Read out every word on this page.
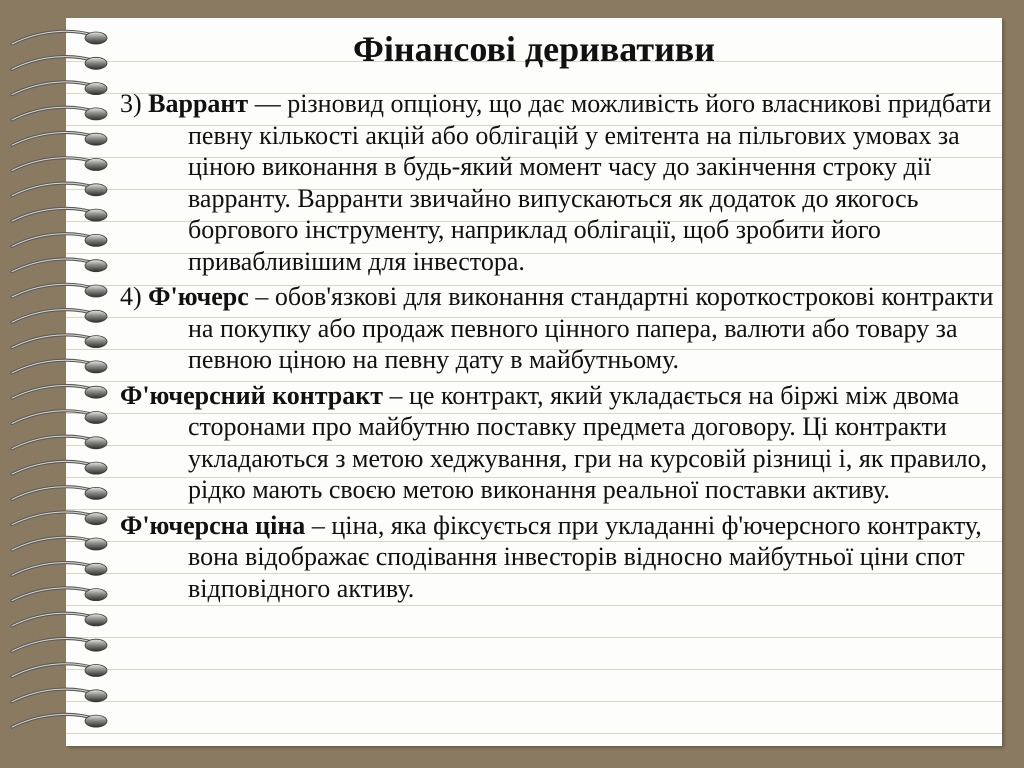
Фінансові деривативи

3) Варрант — різновид опціону, що дає можливість його власникові придбати певну кількості акцій або облігацій у емітента на пільгових умовах за ціною виконання в будь-який момент часу до закінчення строку дії варранту. Варранти звичайно випускаються як додаток до якогось боргового інструменту, наприклад облігації, щоб зробити його привабливішим для інвестора.

4) Ф'ючерс – обов'язкові для виконання стандартні короткострокові контракти на покупку або продаж певного цінного папера, валюти або товару за певною ціною на певну дату в майбутньому.

Ф'ючерсний контракт – це контракт, який укладається на біржі між двома сторонами про майбутню поставку предмета договору. Ці контракти укладаються з метою хеджування, гри на курсовій різниці і, як правило, рідко мають своєю метою виконання реальної поставки активу.

Ф'ючерсна ціна – ціна, яка фіксується при укладанні ф'ючерсного контракту, вона відображає сподівання інвесторів відносно майбутньої ціни спот відповідного активу.
